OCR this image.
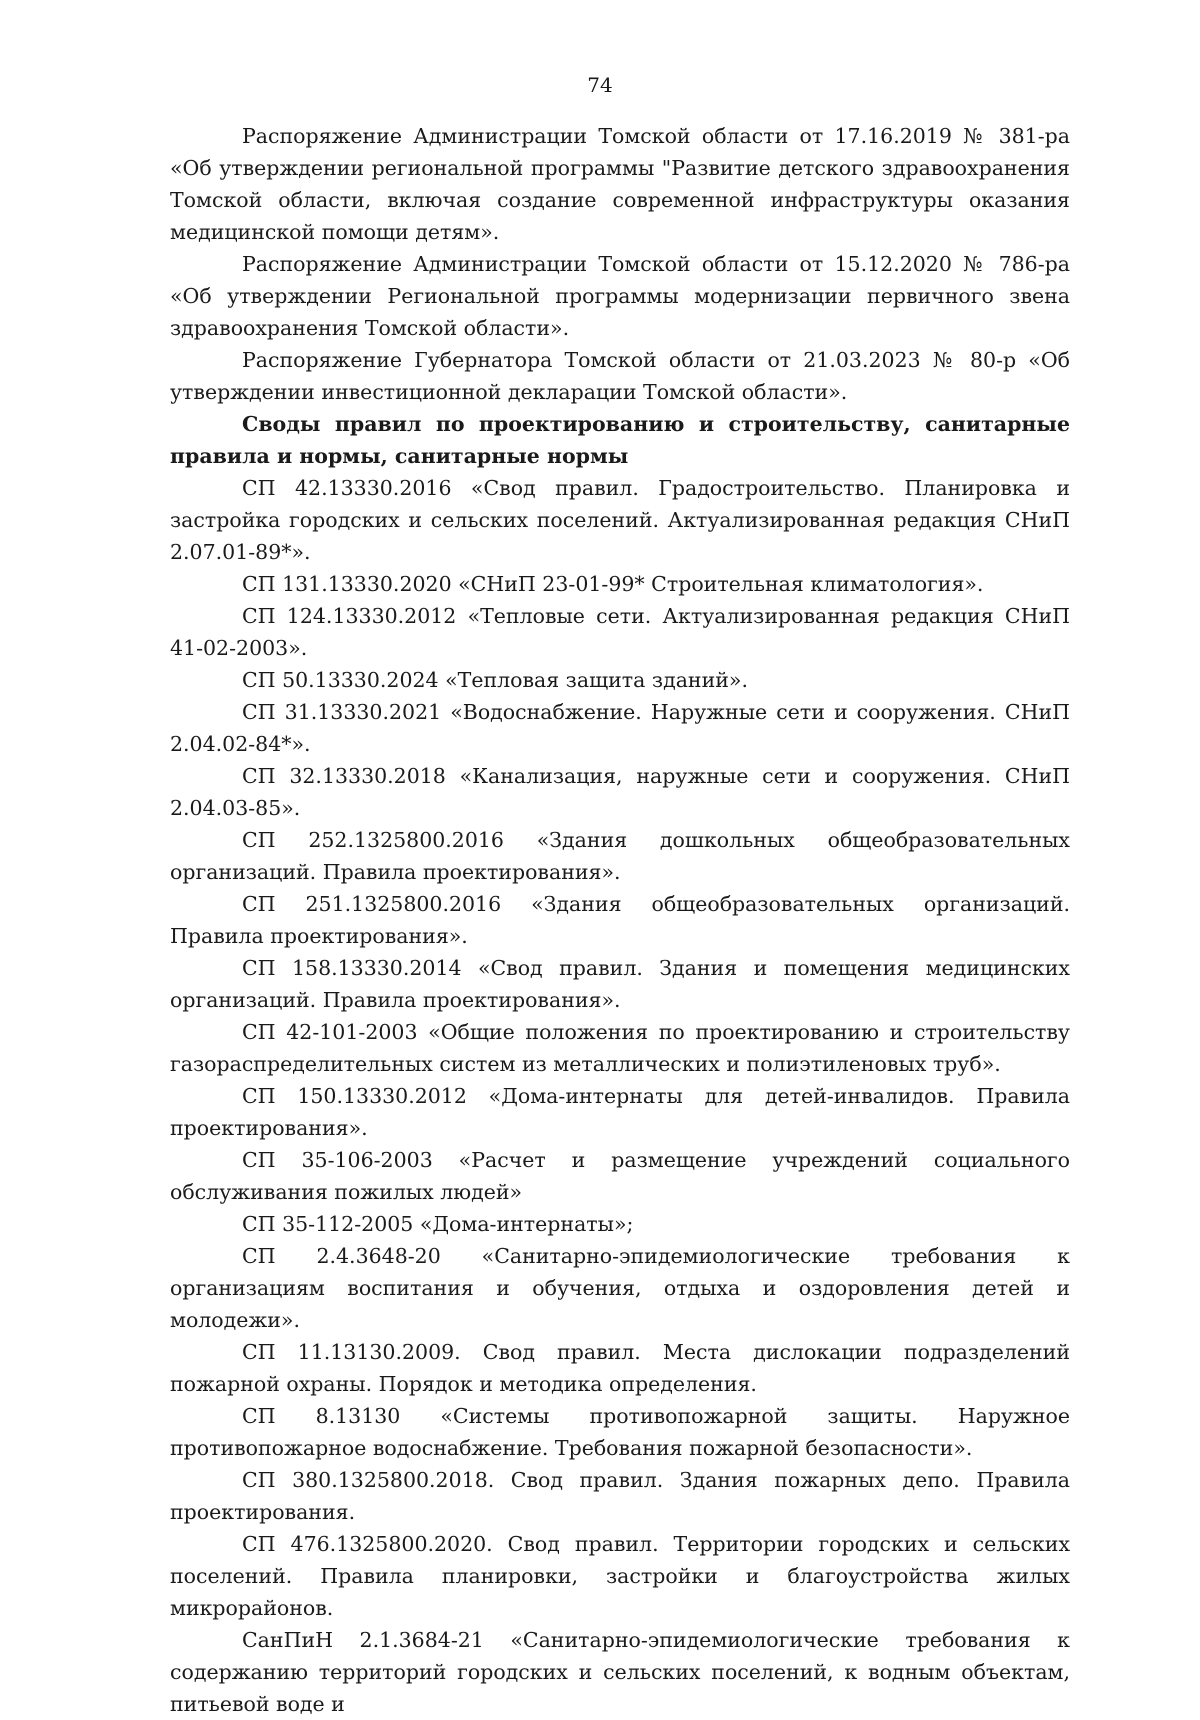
74

Распоряжение Администрации Томской области от 17.16.2019 № 381-ра «Об утверждении региональной программы "Развитие детского здравоохранения Томской области, включая создание современной инфраструктуры оказания медицинской помощи детям».

Распоряжение Администрации Томской области от 15.12.2020 № 786-ра «Об утверждении Региональной программы модернизации первичного звена здравоохранения Томской области».

Распоряжение Губернатора Томской области от 21.03.2023 № 80-р «Об утверждении инвестиционной декларации Томской области».

Своды правил по проектированию и строительству, санитарные правила и нормы, санитарные нормы

СП 42.13330.2016 «Свод правил. Градостроительство. Планировка и застройка городских и сельских поселений. Актуализированная редакция СНиП 2.07.01-89*».

СП 131.13330.2020 «СНиП 23-01-99* Строительная климатология».

СП 124.13330.2012 «Тепловые сети. Актуализированная редакция СНиП 41-02-2003».

СП 50.13330.2024 «Тепловая защита зданий».

СП 31.13330.2021 «Водоснабжение. Наружные сети и сооружения. СНиП 2.04.02-84*».

СП 32.13330.2018 «Канализация, наружные сети и сооружения. СНиП 2.04.03-85».

СП 252.1325800.2016 «Здания дошкольных общеобразовательных организаций. Правила проектирования».

СП 251.1325800.2016 «Здания общеобразовательных организаций. Правила проектирования».

СП 158.13330.2014 «Свод правил. Здания и помещения медицинских организаций. Правила проектирования».

СП 42-101-2003 «Общие положения по проектированию и строительству газораспределительных систем из металлических и полиэтиленовых труб».

СП 150.13330.2012 «Дома-интернаты для детей-инвалидов. Правила проектирования».

СП 35-106-2003 «Расчет и размещение учреждений социального обслуживания пожилых людей»

СП 35-112-2005 «Дома-интернаты»;

СП 2.4.3648-20 «Санитарно-эпидемиологические требования к организациям воспитания и обучения, отдыха и оздоровления детей и молодежи».

СП 11.13130.2009. Свод правил. Места дислокации подразделений пожарной охраны. Порядок и методика определения.

СП 8.13130 «Системы противопожарной защиты. Наружное противопожарное водоснабжение. Требования пожарной безопасности».

СП 380.1325800.2018. Свод правил. Здания пожарных депо. Правила проектирования.

СП 476.1325800.2020. Свод правил. Территории городских и сельских поселений. Правила планировки, застройки и благоустройства жилых микрорайонов.

СанПиН 2.1.3684-21 «Санитарно-эпидемиологические требования к содержанию территорий городских и сельских поселений, к водным объектам, питьевой воде и
